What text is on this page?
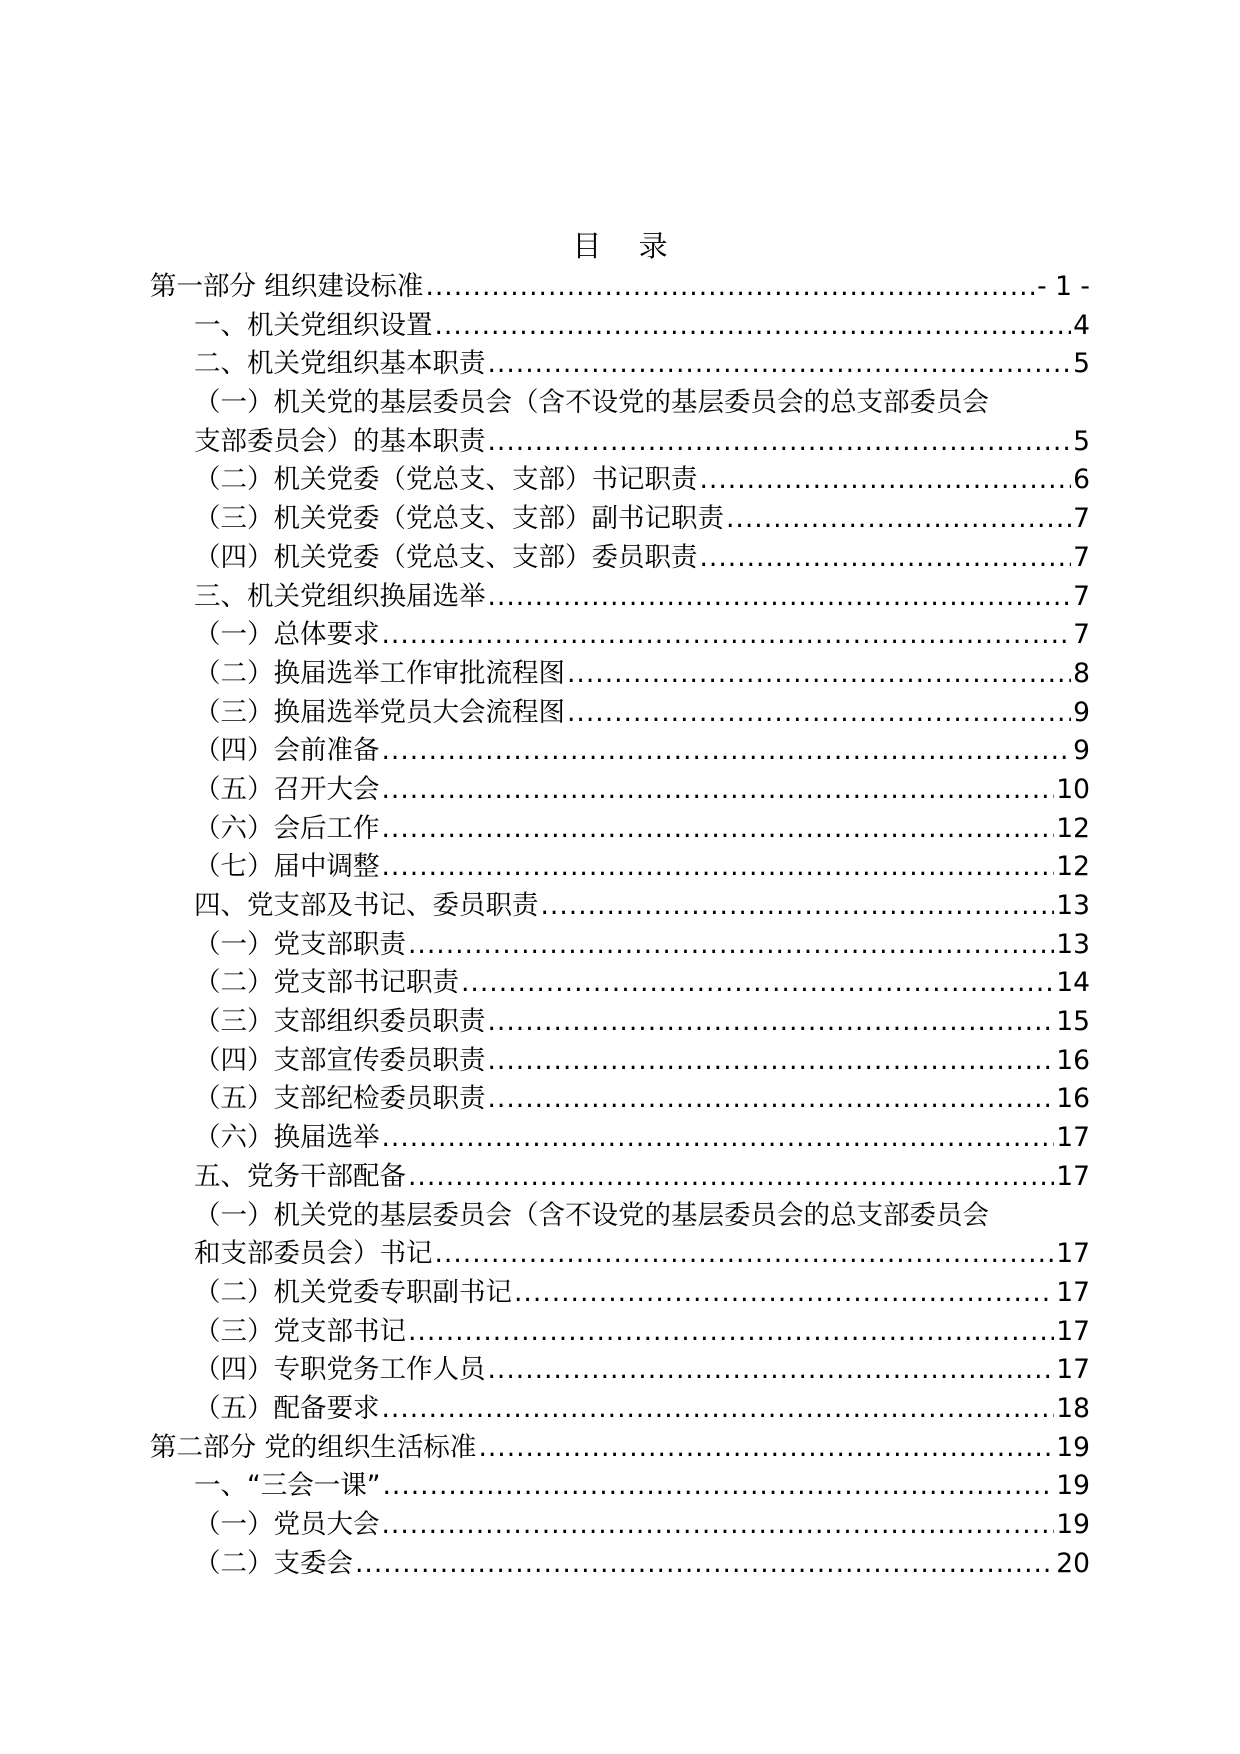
目 录
第一部分 组织建设标准 .....	- 1 -
一、机关党组织设置 .....	4
二、机关党组织基本职责 .....	5
（一）机关党的基层委员会（含不设党的基层委员会的总支部委员会
支部委员会）的基本职责 .....	5
（二）机关党委（党总支、支部）书记职责 .....	6
（三）机关党委（党总支、支部）副书记职责 .....	7
（四）机关党委（党总支、支部）委员职责 .....	7
三、机关党组织换届选举 .....	7
（一）总体要求 .....	7
（二）换届选举工作审批流程图 .....	8
（三）换届选举党员大会流程图 .....	9
（四）会前准备 .....	9
（五）召开大会 .....	10
（六）会后工作 .....	12
（七）届中调整 .....	12
四、党支部及书记、委员职责 .....	13
（一）党支部职责 .....	13
（二）党支部书记职责 .....	14
（三）支部组织委员职责 .....	15
（四）支部宣传委员职责 .....	16
（五）支部纪检委员职责 .....	16
（六）换届选举 .....	17
五、党务干部配备 .....	17
（一）机关党的基层委员会（含不设党的基层委员会的总支部委员会
和支部委员会）书记 .....	17
（二）机关党委专职副书记 .....	17
（三）党支部书记 .....	17
（四）专职党务工作人员 .....	17
（五）配备要求 .....	18
第二部分 党的组织生活标准 .....	19
一、“三会一课” .....	19
（一）党员大会 .....	19
（二）支委会 .....	20
